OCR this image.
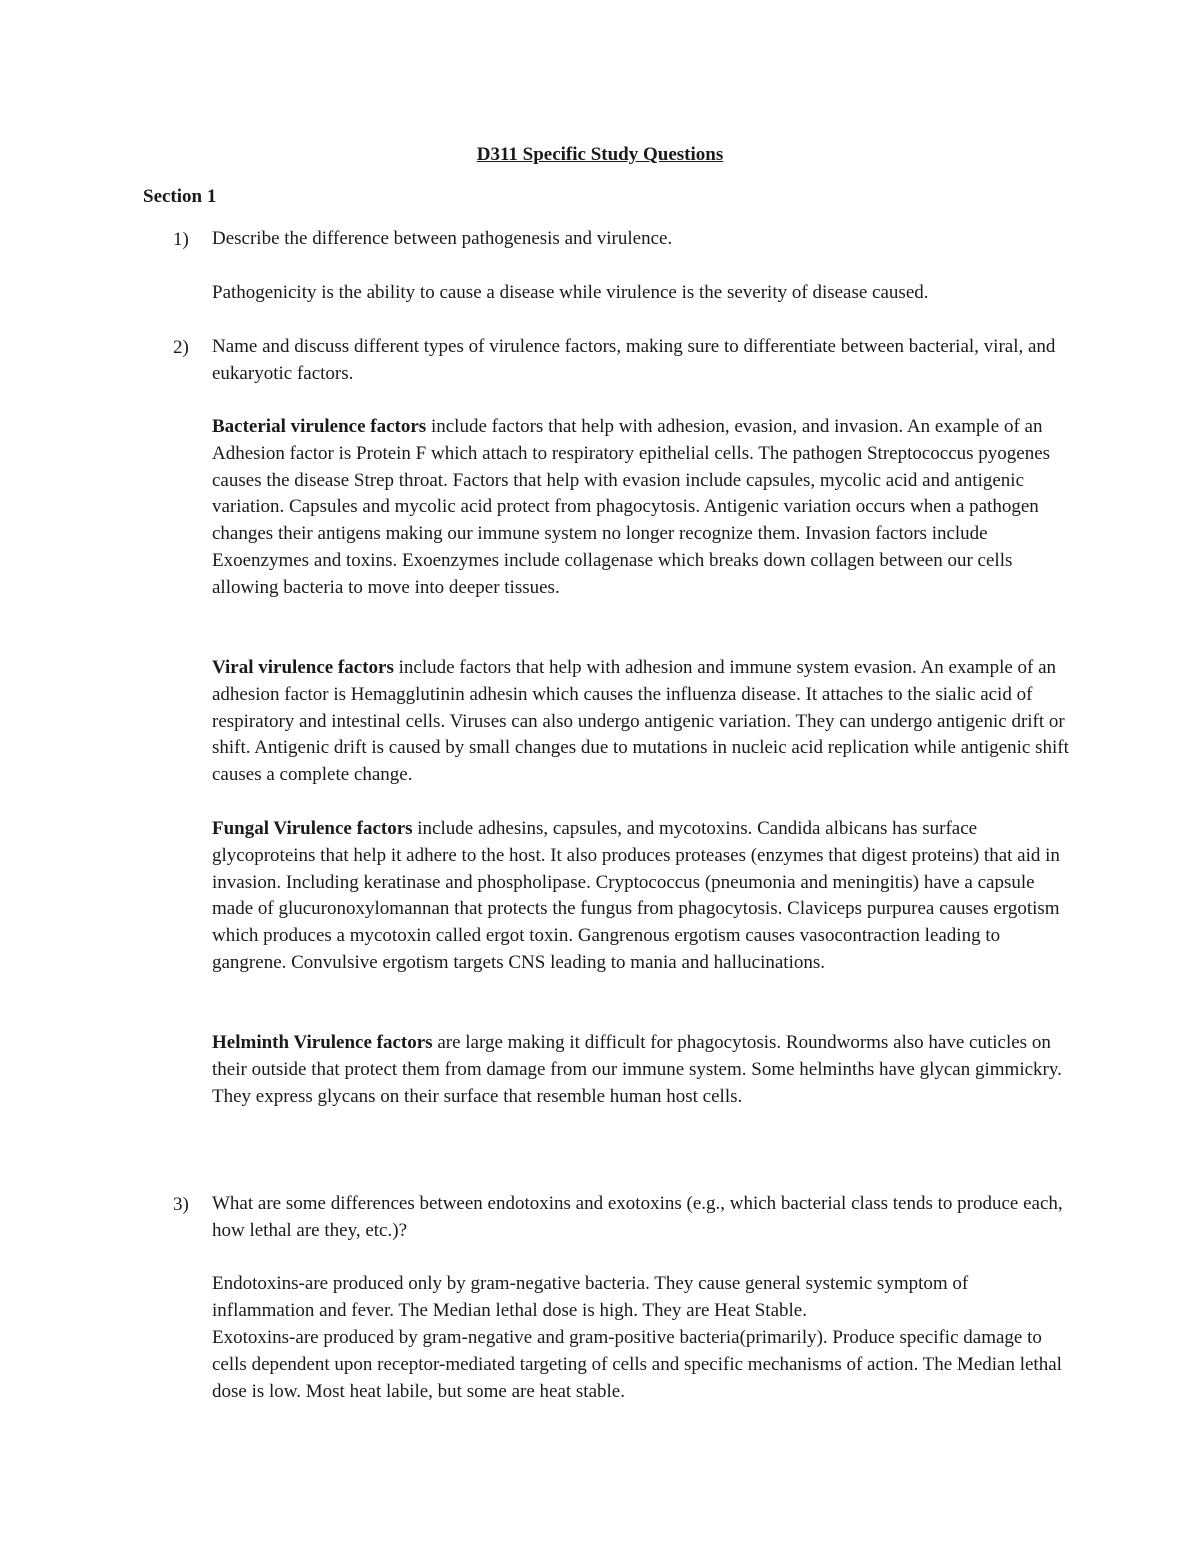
D311 Specific Study Questions
Section 1
1) Describe the difference between pathogenesis and virulence.

Pathogenicity is the ability to cause a disease while virulence is the severity of disease caused.

2) Name and discuss different types of virulence factors, making sure to differentiate between bacterial, viral, and eukaryotic factors.

Bacterial virulence factors include factors that help with adhesion, evasion, and invasion. An example of an Adhesion factor is Protein F which attach to respiratory epithelial cells. The pathogen Streptococcus pyogenes causes the disease Strep throat. Factors that help with evasion include capsules, mycolic acid and antigenic variation. Capsules and mycolic acid protect from phagocytosis. Antigenic variation occurs when a pathogen changes their antigens making our immune system no longer recognize them. Invasion factors include Exoenzymes and toxins. Exoenzymes include collagenase which breaks down collagen between our cells allowing bacteria to move into deeper tissues.

Viral virulence factors include factors that help with adhesion and immune system evasion. An example of an adhesion factor is Hemagglutinin adhesin which causes the influenza disease. It attaches to the sialic acid of respiratory and intestinal cells. Viruses can also undergo antigenic variation. They can undergo antigenic drift or shift. Antigenic drift is caused by small changes due to mutations in nucleic acid replication while antigenic shift causes a complete change.

Fungal Virulence factors include adhesins, capsules, and mycotoxins. Candida albicans has surface glycoproteins that help it adhere to the host. It also produces proteases (enzymes that digest proteins) that aid in invasion. Including keratinase and phospholipase. Cryptococcus (pneumonia and meningitis) have a capsule made of glucuronoxylomannan that protects the fungus from phagocytosis. Claviceps purpurea causes ergotism which produces a mycotoxin called ergot toxin. Gangrenous ergotism causes vasocontraction leading to gangrene. Convulsive ergotism targets CNS leading to mania and hallucinations.

Helminth Virulence factors are large making it difficult for phagocytosis. Roundworms also have cuticles on their outside that protect them from damage from our immune system. Some helminths have glycan gimmickry. They express glycans on their surface that resemble human host cells.

3) What are some differences between endotoxins and exotoxins (e.g., which bacterial class tends to produce each, how lethal are they, etc.)?

Endotoxins-are produced only by gram-negative bacteria. They cause general systemic symptom of inflammation and fever. The Median lethal dose is high. They are Heat Stable.

Exotoxins-are produced by gram-negative and gram-positive bacteria(primarily). Produce specific damage to cells dependent upon receptor-mediated targeting of cells and specific mechanisms of action. The Median lethal dose is low. Most heat labile, but some are heat stable.
